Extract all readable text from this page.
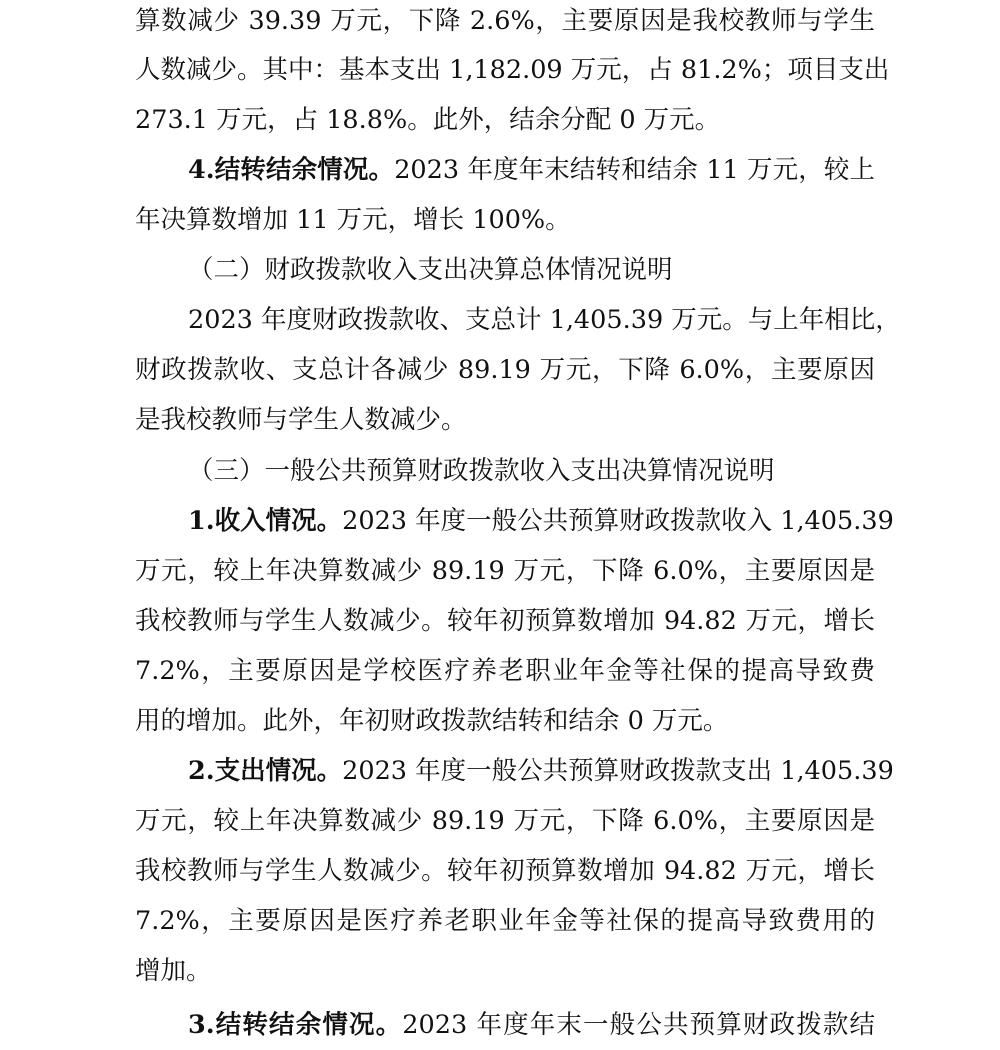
算数减少 39.39 万元，下降 2.6%，主要原因是我校教师与学生
人数减少。其中：基本支出 1,182.09 万元，占 81.2%；项目支出
273.1 万元，占 18.8%。此外，结余分配 0 万元。
4.结转结余情况。2023 年度年末结转和结余 11 万元，较上
年决算数增加 11 万元，增长 100%。
（二）财政拨款收入支出决算总体情况说明
2023 年度财政拨款收、支总计 1,405.39 万元。与上年相比，
财政拨款收、支总计各减少 89.19 万元，下降 6.0%，主要原因
是我校教师与学生人数减少。
（三）一般公共预算财政拨款收入支出决算情况说明
1.收入情况。2023 年度一般公共预算财政拨款收入 1,405.39
万元，较上年决算数减少 89.19 万元，下降 6.0%，主要原因是
我校教师与学生人数减少。较年初预算数增加 94.82 万元，增长
7.2%，主要原因是学校医疗养老职业年金等社保的提高导致费
用的增加。此外，年初财政拨款结转和结余 0 万元。
2.支出情况。2023 年度一般公共预算财政拨款支出 1,405.39
万元，较上年决算数减少 89.19 万元，下降 6.0%，主要原因是
我校教师与学生人数减少。较年初预算数增加 94.82 万元，增长
7.2%，主要原因是医疗养老职业年金等社保的提高导致费用的
增加。
3.结转结余情况。2023 年度年末一般公共预算财政拨款结
